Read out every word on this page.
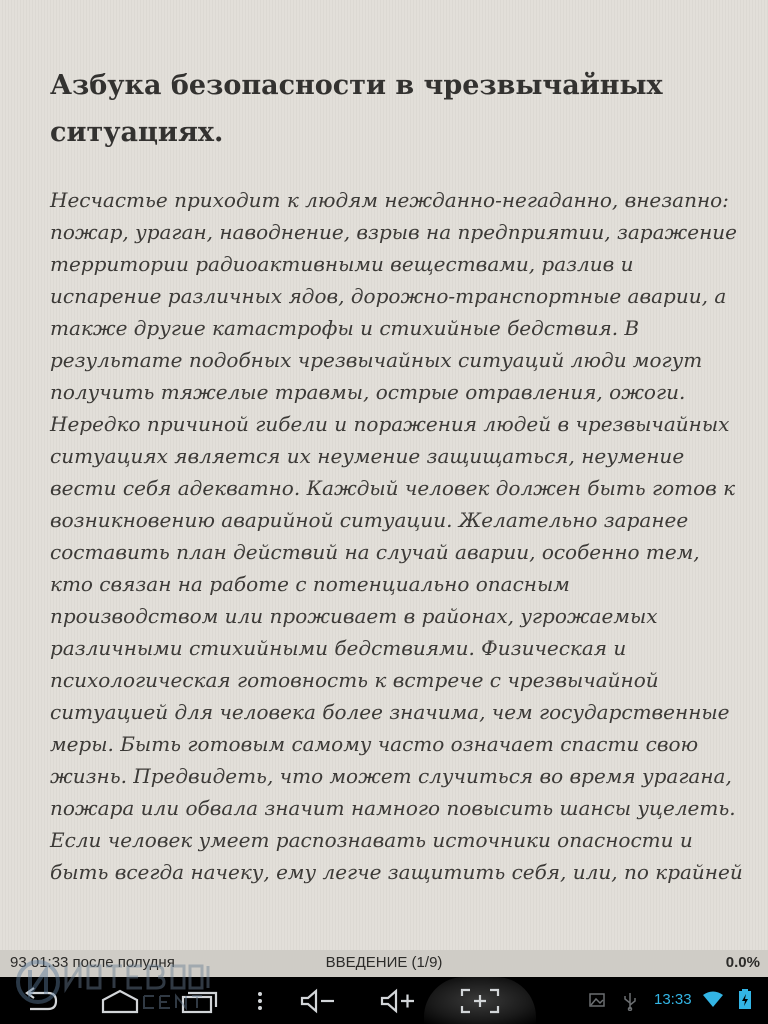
Азбука безопасности в чрезвычайных
ситуациях.

Несчастье приходит к людям нежданно-негаданно, внезапно:
пожар, ураган, наводнение, взрыв на предприятии, заражение
территории радиоактивными веществами, разлив и
испарение различных ядов, дорожно-транспортные аварии, а
также другие катастрофы и стихийные бедствия. В
результате подобных чрезвычайных ситуаций люди могут
получить тяжелые травмы, острые отравления, ожоги.
Нередко причиной гибели и поражения людей в чрезвычайных
ситуациях является их неумение защищаться, неумение
вести себя адекватно. Каждый человек должен быть готов к
возникновению аварийной ситуации. Желательно заранее
составить план действий на случай аварии, особенно тем,
кто связан на работе с потенциально опасным
производством или проживает в районах, угрожаемых
различными стихийными бедствиями. Физическая и
психологическая готовность к встрече с чрезвычайной
ситуацией для человека более значима, чем государственные
меры. Быть готовым самому часто означает спасти свою
жизнь. Предвидеть, что может случиться во время урагана,
пожара или обвала значит намного повысить шансы уцелеть.
Если человек умеет распознавать источники опасности и
быть всегда начеку, ему легче защитить себя, или, по крайней

93 01:33 после полудня	ВВЕДЕНИЕ (1/9)	0.0%
13:33
